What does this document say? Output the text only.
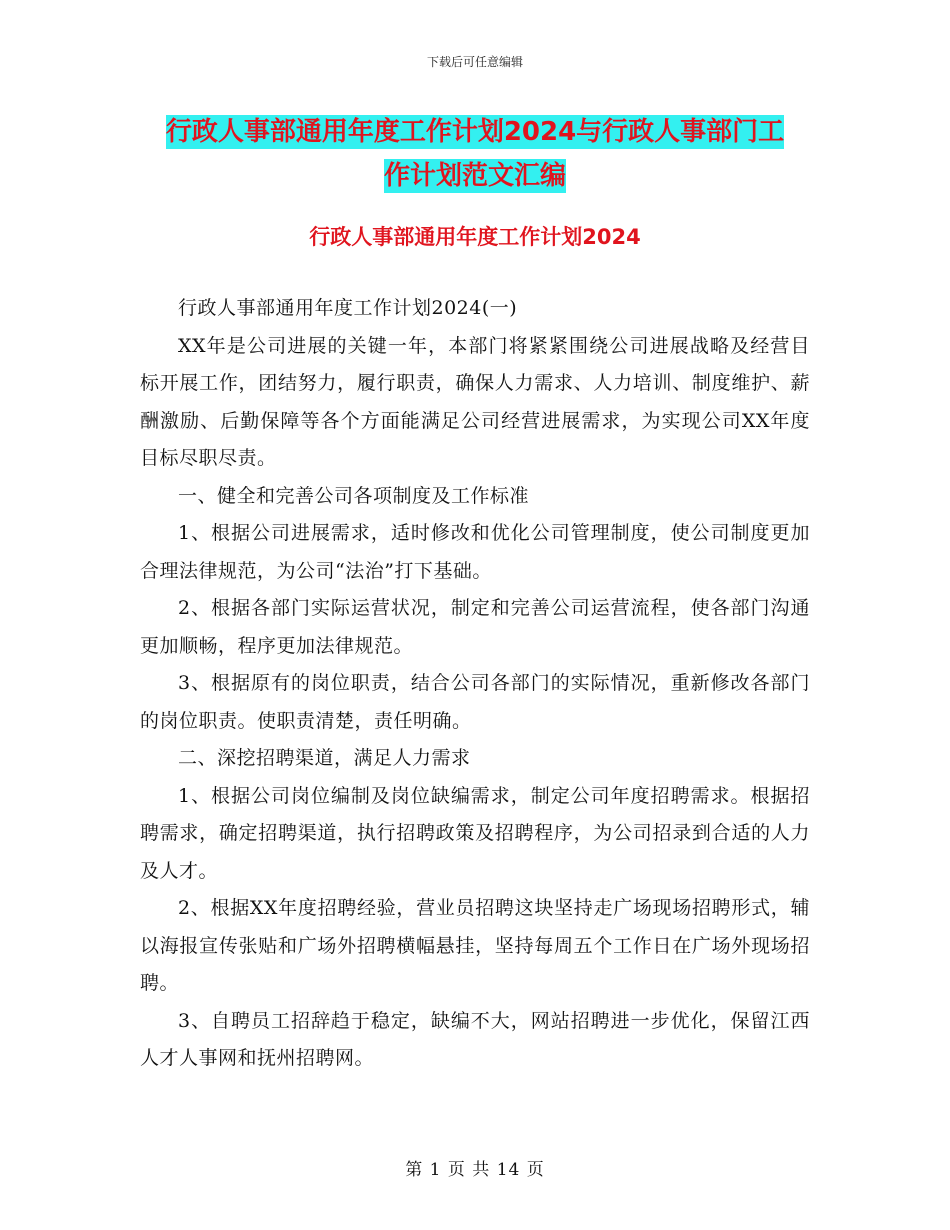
下载后可任意编辑
行政人事部通用年度工作计划2024与行政人事部门工
作计划范文汇编
行政人事部通用年度工作计划2024

行政人事部通用年度工作计划2024(一)

XX年是公司进展的关键一年，本部门将紧紧围绕公司进展战略及经营目标开展工作，团结努力，履行职责，确保人力需求、人力培训、制度维护、薪酬激励、后勤保障等各个方面能满足公司经营进展需求，为实现公司XX年度目标尽职尽责。

一、健全和完善公司各项制度及工作标准

1、根据公司进展需求，适时修改和优化公司管理制度，使公司制度更加合理法律规范，为公司“法治”打下基础。

2、根据各部门实际运营状况，制定和完善公司运营流程，使各部门沟通更加顺畅，程序更加法律规范。

3、根据原有的岗位职责，结合公司各部门的实际情况，重新修改各部门的岗位职责。使职责清楚，责任明确。

二、深挖招聘渠道，满足人力需求

1、根据公司岗位编制及岗位缺编需求，制定公司年度招聘需求。根据招聘需求，确定招聘渠道，执行招聘政策及招聘程序，为公司招录到合适的人力及人才。

2、根据XX年度招聘经验，营业员招聘这块坚持走广场现场招聘形式，辅以海报宣传张贴和广场外招聘横幅悬挂，坚持每周五个工作日在广场外现场招聘。

3、自聘员工招辞趋于稳定，缺编不大，网站招聘进一步优化，保留江西人才人事网和抚州招聘网。

第 1 页 共 14 页
